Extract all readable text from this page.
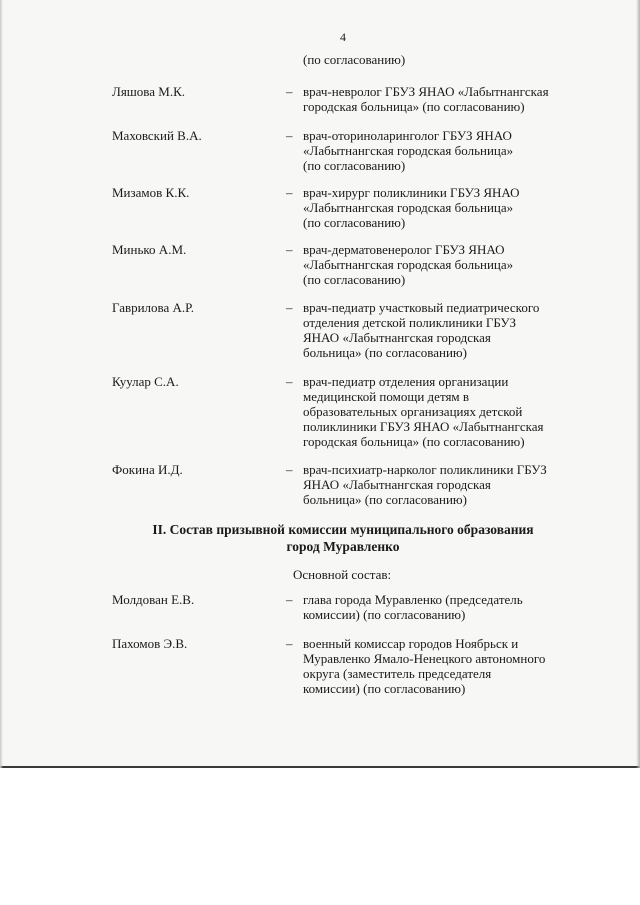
4
(по согласованию)
Ляшова М.К.	– врач-невролог ГБУЗ ЯНАО «Лабытнангская
городская больница» (по согласованию)
Маховский В.А.	– врач-оториноларинголог ГБУЗ ЯНАО
«Лабытнангская городская больница»
(по согласованию)
Мизамов К.К.	– врач-хирург поликлиники ГБУЗ ЯНАО
«Лабытнангская городская больница»
(по согласованию)
Минько А.М.	– врач-дерматовенеролог ГБУЗ ЯНАО
«Лабытнангская городская больница»
(по согласованию)
Гаврилова А.Р.	– врач-педиатр участковый педиатрического
отделения детской поликлиники ГБУЗ
ЯНАО «Лабытнангская городская
больница» (по согласованию)
Куулар С.А.	– врач-педиатр отделения организации
медицинской помощи детям в
образовательных организациях детской
поликлиники ГБУЗ ЯНАО «Лабытнангская
городская больница» (по согласованию)
Фокина И.Д.	– врач-психиатр-нарколог поликлиники ГБУЗ
ЯНАО «Лабытнангская городская
больница» (по согласованию)
II. Состав призывной комиссии муниципального образования
город Муравленко
Основной состав:
Молдован Е.В.	– глава города Муравленко (председатель
комиссии) (по согласованию)
Пахомов Э.В.	– военный комиссар городов Ноябрьск и
Муравленко Ямало-Ненецкого автономного
округа (заместитель председателя
комиссии) (по согласованию)
